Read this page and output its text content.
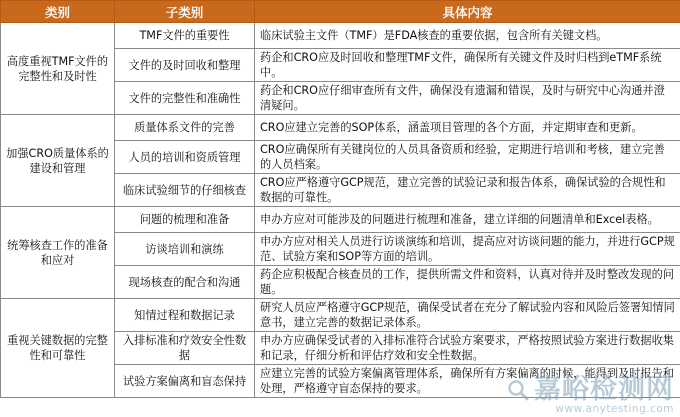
类别	子类别	具体内容
高度重视TMF文件的完整性和及时性	TMF文件的重要性	临床试验主文件（TMF）是FDA核查的重要依据，包含所有关键文档。
	文件的及时回收和整理	药企和CRO应及时回收和整理TMF文件，确保所有关键文件及时归档到eTMF系统中。
	文件的完整性和准确性	药企和CRO应仔细审查所有文件，确保没有遗漏和错误，及时与研究中心沟通并澄清疑问。
加强CRO质量体系的建设和管理	质量体系文件的完善	CRO应建立完善的SOP体系，涵盖项目管理的各个方面，并定期审查和更新。
	人员的培训和资质管理	CRO应确保所有关键岗位的人员具备资质和经验，定期进行培训和考核，建立完善的人员档案。
	临床试验细节的仔细核查	CRO应严格遵守GCP规范，建立完善的试验记录和报告体系，确保试验的合规性和数据的可靠性。
统筹核查工作的准备和应对	问题的梳理和准备	申办方应对可能涉及的问题进行梳理和准备，建立详细的问题清单和Excel表格。
	访谈培训和演练	申办方应对相关人员进行访谈演练和培训，提高应对访谈问题的能力，并进行GCP规范、试验方案和SOP等方面的培训。
	现场核查的配合和沟通	药企应积极配合核查员的工作，提供所需文件和资料，认真对待并及时整改发现的问题。
重视关键数据的完整性和可靠性	知情过程和数据记录	研究人员应严格遵守GCP规范，确保受试者在充分了解试验内容和风险后签署知情同意书，建立完善的数据记录体系。
	入排标准和疗效安全性数据	申办方应确保受试者的入排标准符合试验方案要求，严格按照试验方案进行数据收集和记录，仔细分析和评估疗效和安全性数据。
	试验方案偏离和盲态保持	应建立完善的试验方案偏离管理体系，确保所有方案偏离的时候，能得到及时报告和处理，严格遵守盲态保持的要求。	嘉峪检测网
www.anytesting.com
